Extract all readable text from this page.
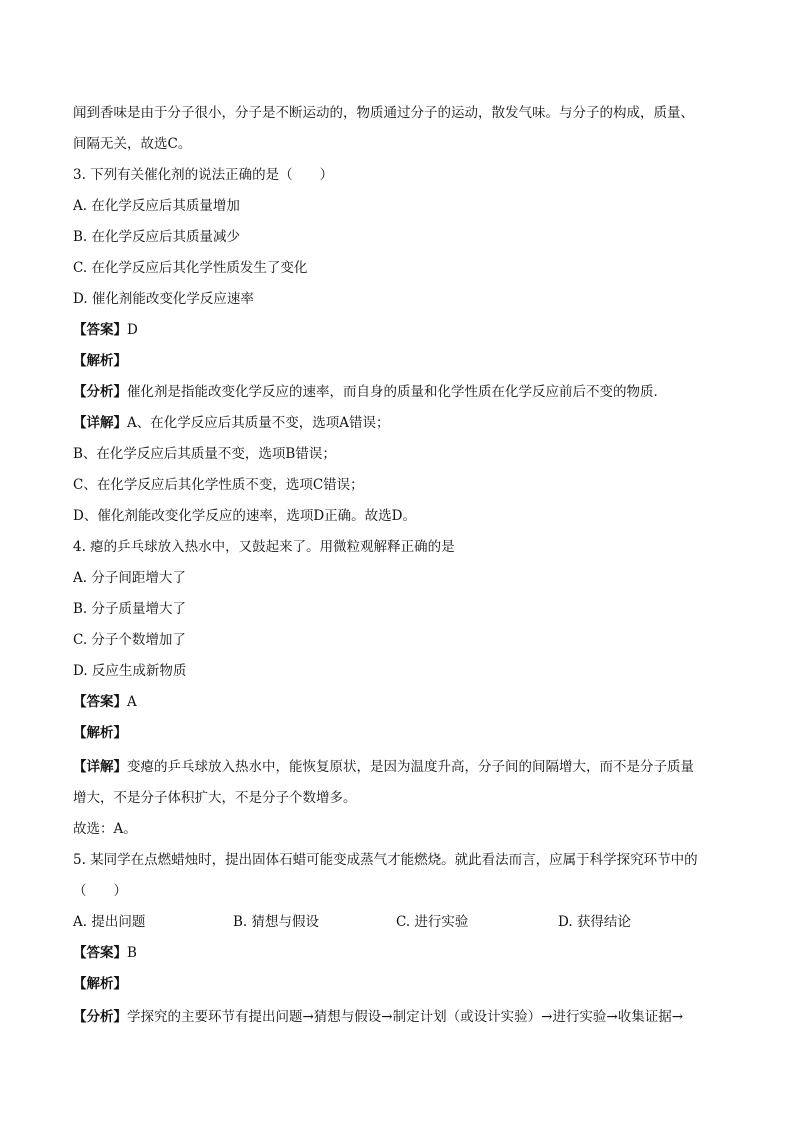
闻到香味是由于分子很小，分子是不断运动的，物质通过分子的运动，散发气味。与分子的构成，质量、
间隔无关，故选C。
3. 下列有关催化剂的说法正确的是（　　）
A. 在化学反应后其质量增加
B. 在化学反应后其质量减少
C. 在化学反应后其化学性质发生了变化
D. 催化剂能改变化学反应速率
【答案】D
【解析】
【分析】催化剂是指能改变化学反应的速率，而自身的质量和化学性质在化学反应前后不变的物质．
【详解】A、在化学反应后其质量不变，选项A错误；
B、在化学反应后其质量不变，选项B错误；
C、在化学反应后其化学性质不变，选项C错误；
D、催化剂能改变化学反应的速率，选项D正确。故选D。
4. 瘪的乒乓球放入热水中，又鼓起来了。用微粒观解释正确的是
A. 分子间距增大了
B. 分子质量增大了
C. 分子个数增加了
D. 反应生成新物质
【答案】A
【解析】
【详解】变瘪的乒乓球放入热水中，能恢复原状，是因为温度升高，分子间的间隔增大，而不是分子质量
增大，不是分子体积扩大，不是分子个数增多。
故选：A。
5. 某同学在点燃蜡烛时，提出固体石蜡可能变成蒸气才能燃烧。就此看法而言，应属于科学探究环节中的
（　　）
A. 提出问题	B. 猜想与假设	C. 进行实验	D. 获得结论
【答案】B
【解析】
【分析】学探究的主要环节有提出问题→猜想与假设→制定计划（或设计实验）→进行实验→收集证据→
